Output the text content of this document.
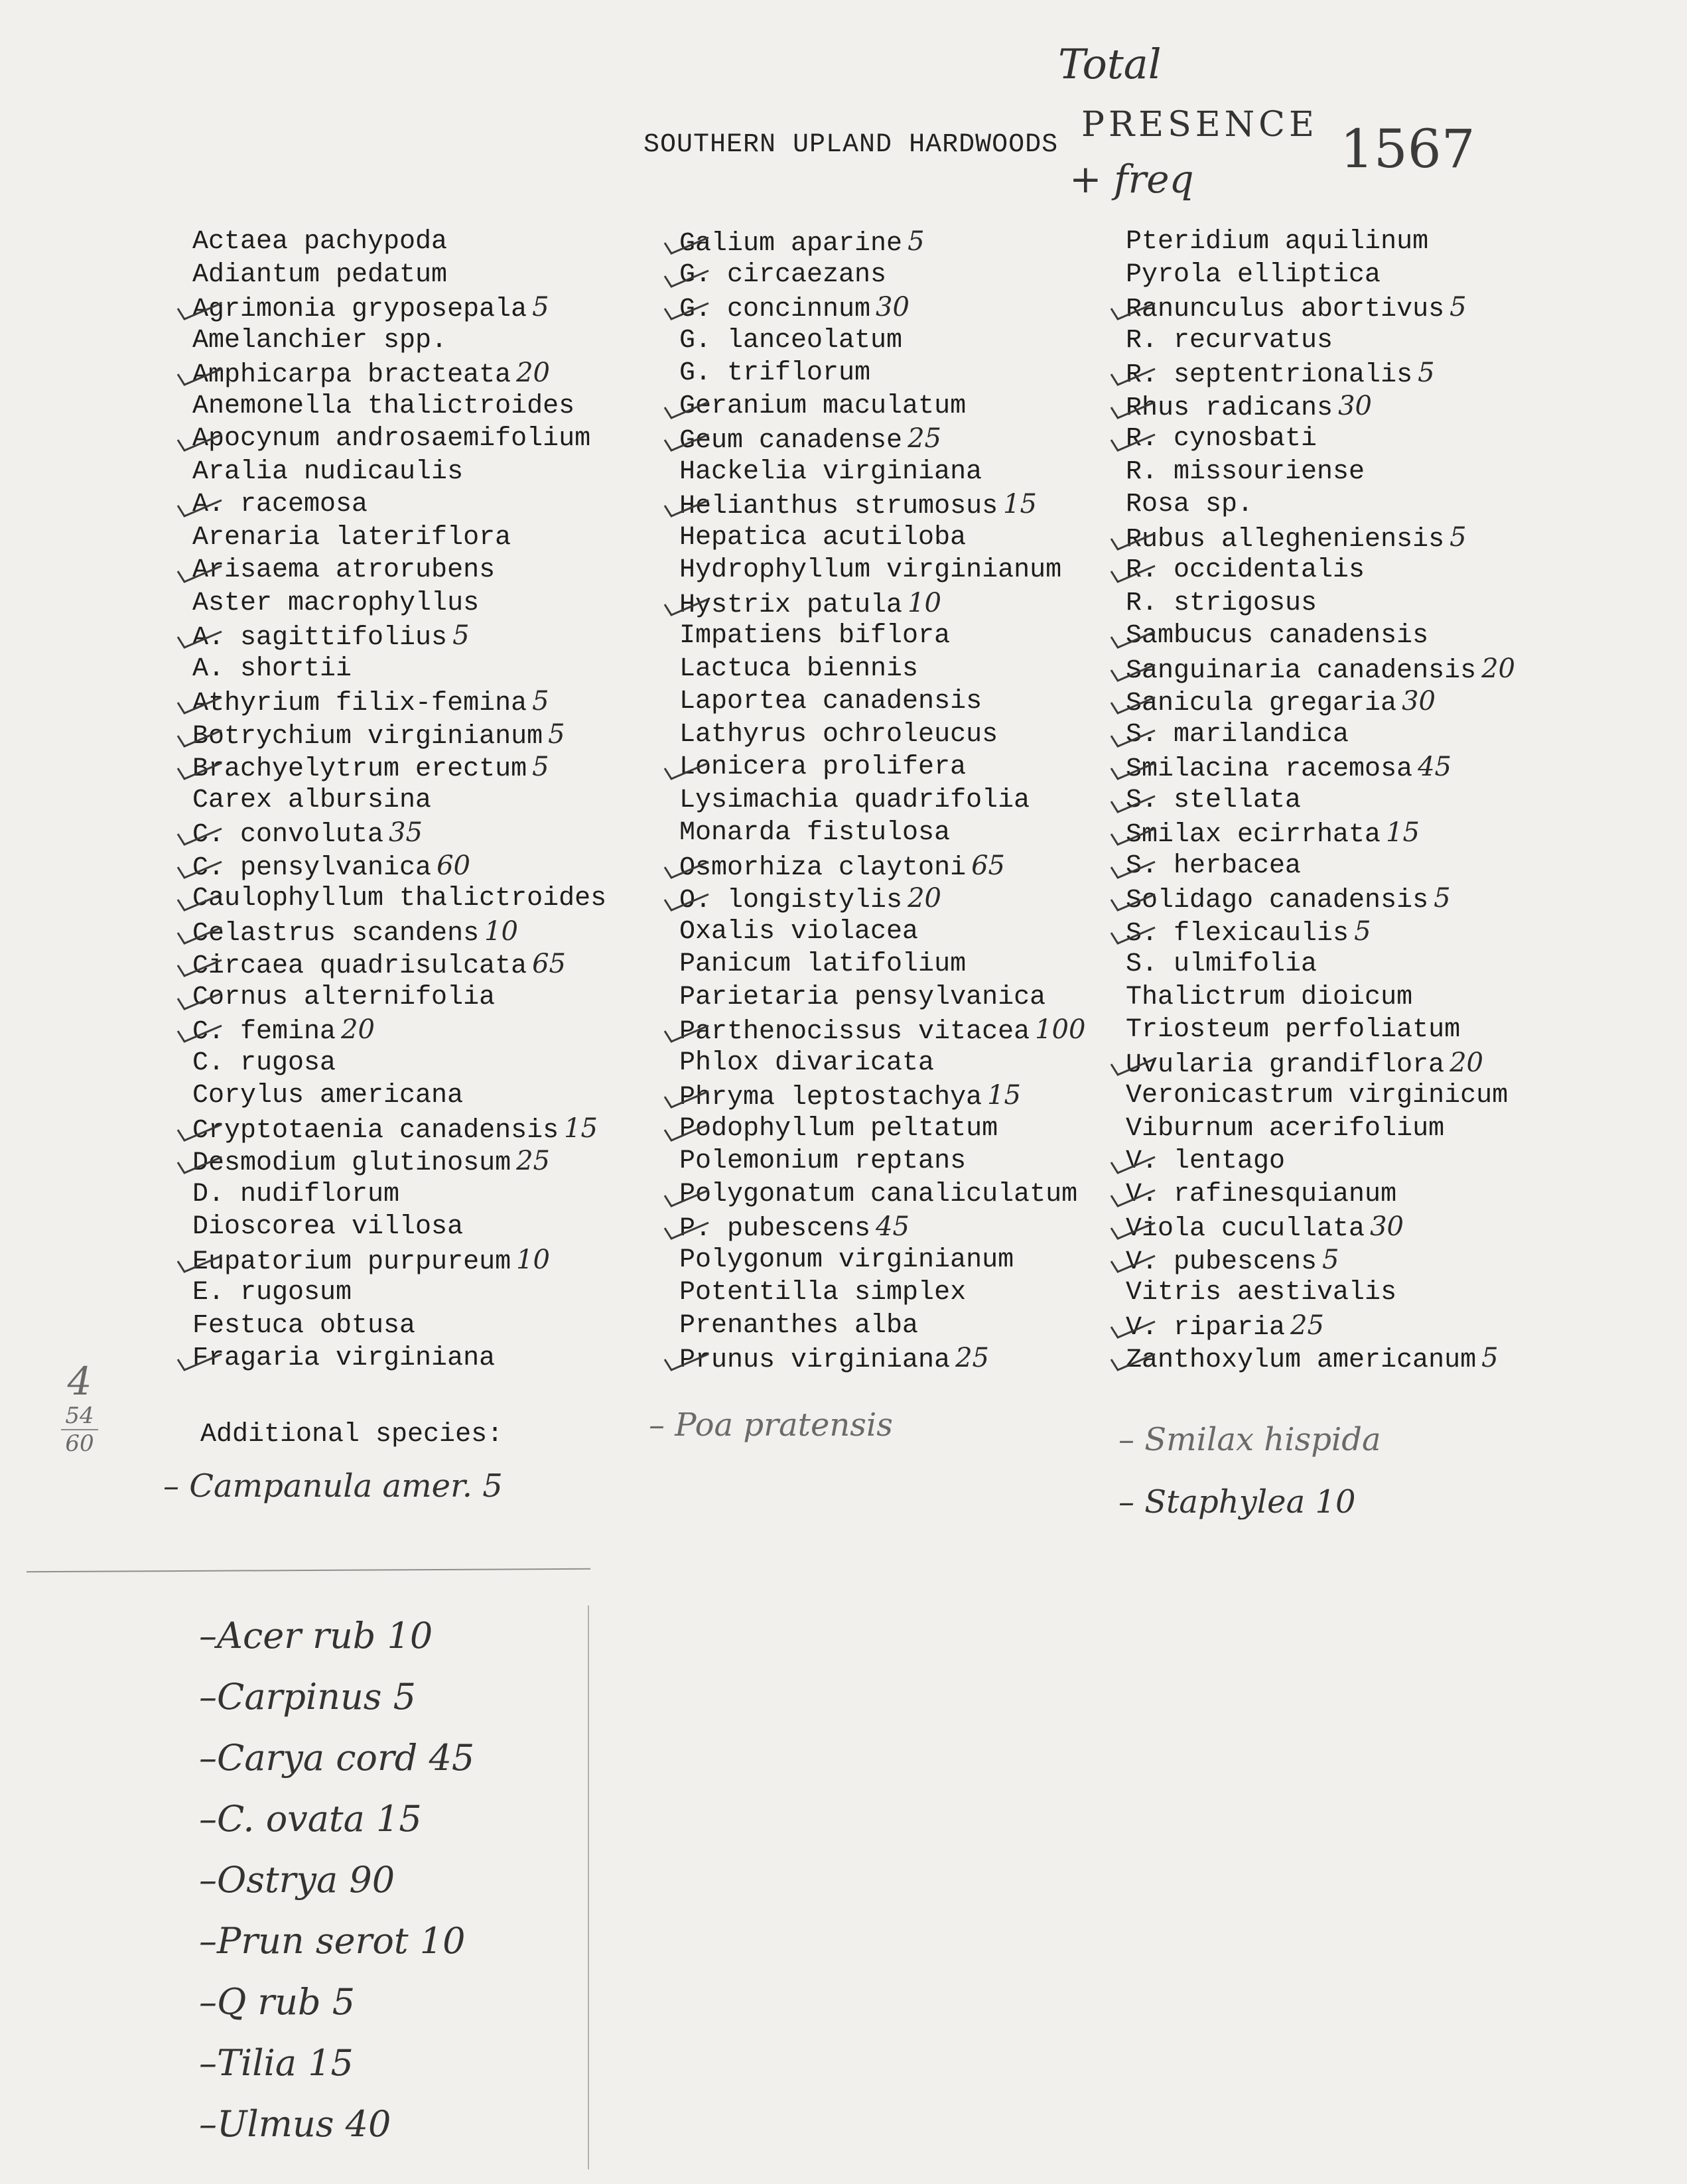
SOUTHERN UPLAND HARDWOODS
Total
PRESENCE
+ freq	1567
Actaea pachypoda
Adiantum pedatum
Agrimonia gryposepala 5
Amelanchier spp.
Amphicarpa bracteata 20
Anemonella thalictroides
Apocynum androsaemifolium
Aralia nudicaulis
A. racemosa
Arenaria lateriflora
Arisaema atrorubens
Aster macrophyllus
A. sagittifolius 5
A. shortii
Athyrium filix-femina 5
Botrychium virginianum 5
Brachyelytrum erectum 5
Carex albursina
C. convoluta 35
C. pensylvanica 60
Caulophyllum thalictroides
Celastrus scandens 10
Circaea quadrisulcata 65
Cornus alternifolia
C. femina 20
C. rugosa
Corylus americana
Cryptotaenia canadensis 15
Desmodium glutinosum 25
D. nudiflorum
Dioscorea villosa
Eupatorium purpureum 10
E. rugosum
Festuca obtusa
Fragaria virginiana
Galium aparine 5
G. circaezans
G. concinnum 30
G. lanceolatum
G. triflorum
Geranium maculatum
Geum canadense 25
Hackelia virginiana
Helianthus strumosus 15
Hepatica acutiloba
Hydrophyllum virginianum
Hystrix patula 10
Impatiens biflora
Lactuca biennis
Laportea canadensis
Lathyrus ochroleucus
Lonicera prolifera
Lysimachia quadrifolia
Monarda fistulosa
Osmorhiza claytoni 65
O. longistylis 20
Oxalis violacea
Panicum latifolium
Parietaria pensylvanica
Parthenocissus vitacea 100
Phlox divaricata
Phryma leptostachya 15
Podophyllum peltatum
Polemonium reptans
Polygonatum canaliculatum
P. pubescens 45
Polygonum virginianum
Potentilla simplex
Prenanthes alba
Prunus virginiana 25
Pteridium aquilinum
Pyrola elliptica
Ranunculus abortivus 5
R. recurvatus
R. septentrionalis 5
Rhus radicans 30
R. cynosbati
R. missouriense
Rosa sp.
Rubus allegheniensis 5
R. occidentalis
R. strigosus
Sambucus canadensis
Sanguinaria canadensis 20
Sanicula gregaria 30
S. marilandica
Smilacina racemosa 45
S. stellata
Smilax ecirrhata 15
S. herbacea
Solidago canadensis 5
S. flexicaulis 5
S. ulmifolia
Thalictrum dioicum
Triosteum perfoliatum
Uvularia grandiflora 20
Veronicastrum virginicum
Viburnum acerifolium
V. lentago
V. rafinesquianum
Viola cucullata 30
V. pubescens 5
Vitris aestivalis
V. riparia 25
Zanthoxylum americanum 5
4
54
60	Additional species:
– Campanula amer. 5
– Poa pratensis	– Smilax hispida
– Staphylea 10
–Acer rub 10
–Carpinus 5
–Carya cord 45
–C. ovata 15
–Ostrya 90
–Prun serot 10
–Q rub 5
–Tilia 15
–Ulmus 40
